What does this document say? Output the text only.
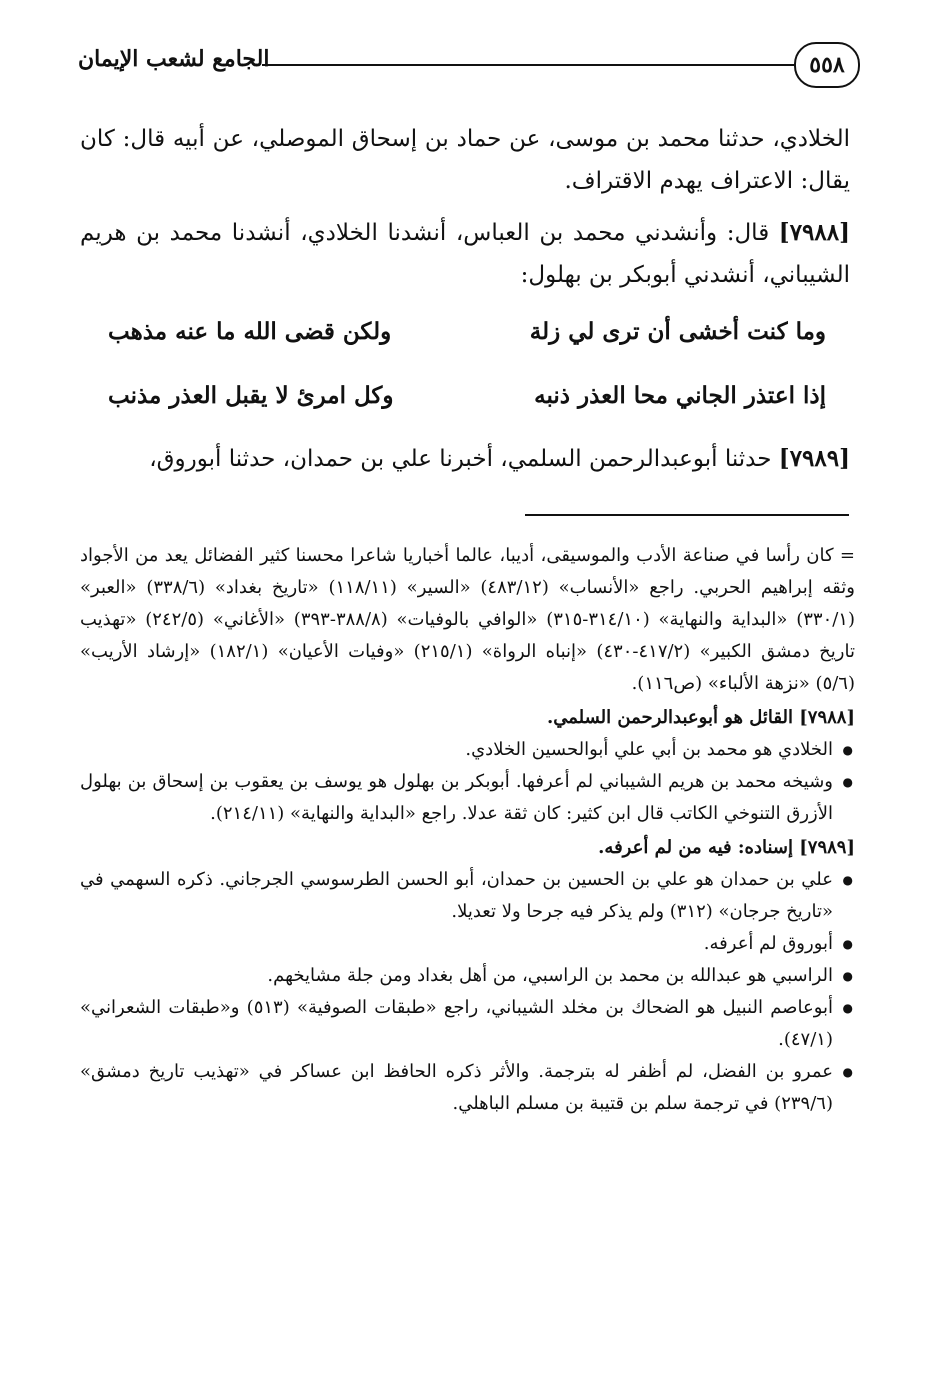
٥٥٨
الجامع لشعب الإيمان

الخلادي، حدثنا محمد بن موسى، عن حماد بن إسحاق الموصلي، عن أبيه قال: كان يقال: الاعتراف يهدم الاقتراف.

[٧٩٨٨] قال: وأنشدني محمد بن العباس، أنشدنا الخلادي، أنشدنا محمد بن هريم الشيباني، أنشدني أبوبكر بن بهلول:

وما كنت أخشى أن ترى لي زلة
ولكن قضى الله ما عنه مذهب
إذا اعتذر الجاني محا العذر ذنبه
وكل امرئ لا يقبل العذر مذنب

[٧٩٨٩] حدثنا أبوعبدالرحمن السلمي، أخبرنا علي بن حمدان، حدثنا أبوروق،

= كان رأسا في صناعة الأدب والموسيقى، أديبا، عالما أخباريا شاعرا محسنا كثير الفضائل يعد من الأجواد وثقه إبراهيم الحربي. راجع «الأنساب» (٤٨٣/١٢) «السير» (١١٨/١١) «تاريخ بغداد» (٣٣٨/٦) «العبر» (٣٣٠/١) «البداية والنهاية» (٣١٤/١٠-٣١٥) «الوافي بالوفيات» (٣٨٨/٨-٣٩٣) «الأغاني» (٢٤٢/٥) «تهذيب تاريخ دمشق الكبير» (٤١٧/٢-٤٣٠) «إنباه الرواة» (٢١٥/١) «وفيات الأعيان» (١٨٢/١) «إرشاد الأريب» (٥/٦) «نزهة الألباء» (ص١١٦).

[٧٩٨٨] القائل هو أبوعبدالرحمن السلمي.

● الخلادي هو محمد بن أبي علي أبوالحسين الخلادي.
● وشيخه محمد بن هريم الشيباني لم أعرفها. أبوبكر بن بهلول هو يوسف بن يعقوب بن إسحاق بن بهلول الأزرق التنوخي الكاتب قال ابن كثير: كان ثقة عدلا. راجع «البداية والنهاية» (٢١٤/١١).

[٧٩٨٩] إسناده: فيه من لم أعرفه.

● علي بن حمدان هو علي بن الحسين بن حمدان، أبو الحسن الطرسوسي الجرجاني. ذكره السهمي في «تاريخ جرجان» (٣١٢) ولم يذكر فيه جرحا ولا تعديلا.
● أبوروق لم أعرفه.
● الراسبي هو عبدالله بن محمد بن الراسبي، من أهل بغداد ومن جلة مشايخهم.
● أبوعاصم النبيل هو الضحاك بن مخلد الشيباني، راجع «طبقات الصوفية» (٥١٣) و«طبقات الشعراني» (٤٧/١).
● عمرو بن الفضل، لم أظفر له بترجمة. والأثر ذكره الحافظ ابن عساكر في «تهذيب تاريخ دمشق» (٢٣٩/٦) في ترجمة سلم بن قتيبة بن مسلم الباهلي.
